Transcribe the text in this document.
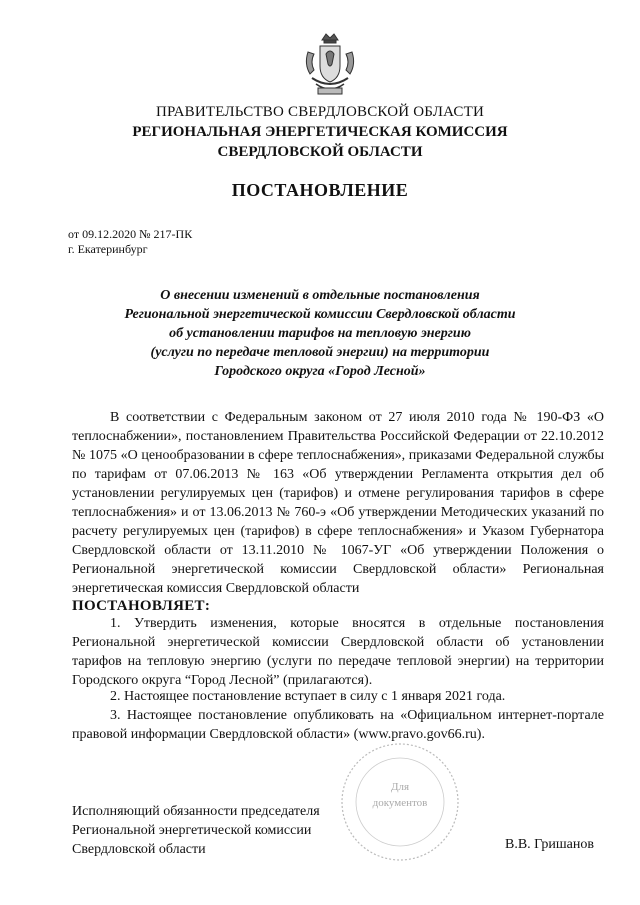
ПРАВИТЕЛЬСТВО СВЕРДЛОВСКОЙ ОБЛАСТИ
РЕГИОНАЛЬНАЯ ЭНЕРГЕТИЧЕСКАЯ КОМИССИЯ
СВЕРДЛОВСКОЙ ОБЛАСТИ
ПОСТАНОВЛЕНИЕ
от 09.12.2020 № 217-ПК
г. Екатеринбург
О внесении изменений в отдельные постановления
Региональной энергетической комиссии Свердловской области
об установлении тарифов на тепловую энергию
(услуги по передаче тепловой энергии) на территории
Городского округа «Город Лесной»
В соответствии с Федеральным законом от 27 июля 2010 года № 190-ФЗ «О теплоснабжении», постановлением Правительства Российской Федерации от 22.10.2012 № 1075 «О ценообразовании в сфере теплоснабжения», приказами Федеральной службы по тарифам от 07.06.2013 № 163 «Об утверждении Регламента открытия дел об установлении регулируемых цен (тарифов) и отмене регулирования тарифов в сфере теплоснабжения» и от 13.06.2013 № 760-э «Об утверждении Методических указаний по расчету регулируемых цен (тарифов) в сфере теплоснабжения» и Указом Губернатора Свердловской области от 13.11.2010 № 1067-УГ «Об утверждении Положения о Региональной энергетической комиссии Свердловской области» Региональная энергетическая комиссия Свердловской области
ПОСТАНОВЛЯЕТ:
1. Утвердить изменения, которые вносятся в отдельные постановления Региональной энергетической комиссии Свердловской области об установлении тарифов на тепловую энергию (услуги по передаче тепловой энергии) на территории Городского округа “Город Лесной” (прилагаются).
2. Настоящее постановление вступает в силу с 1 января 2021 года.
3. Настоящее постановление опубликовать на «Официальном интернет-портале правовой информации Свердловской области» (www.pravo.gov66.ru).
Для
документов
Исполняющий обязанности председателя
Региональной энергетической комиссии
Свердловской области	В.В. Гришанов
